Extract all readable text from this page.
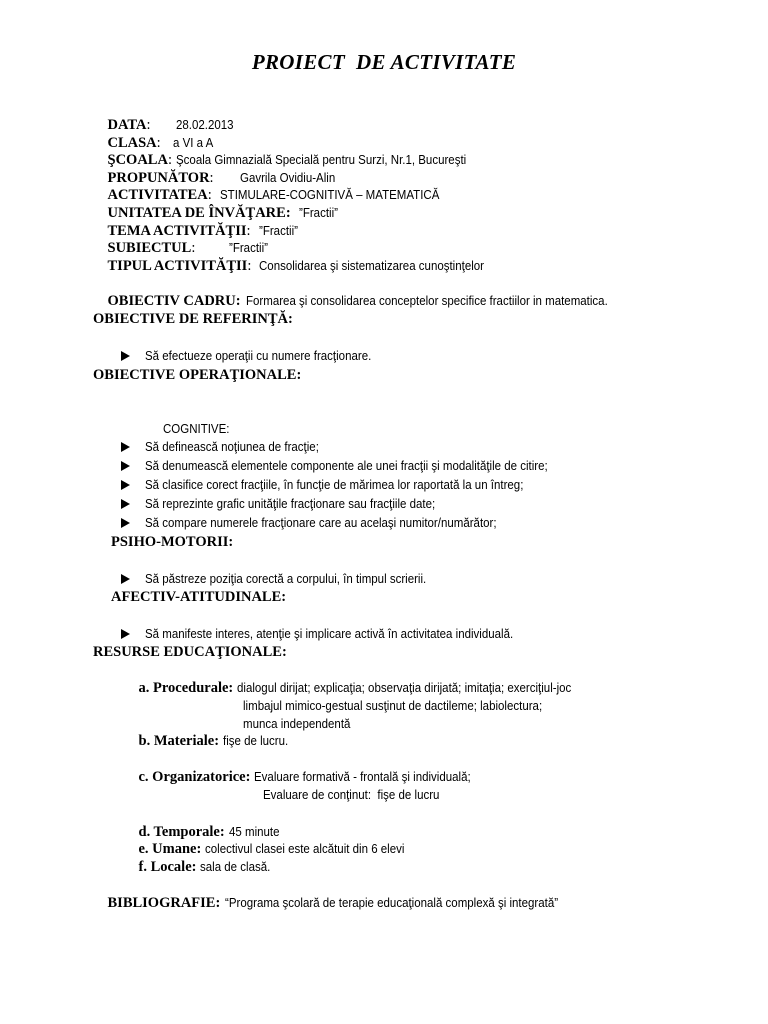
PROIECT  DE ACTIVITATE

DATA: 28.02.2013

CLASA: a VI a A

ŞCOALA: Şcoala Gimnazială Specială pentru Surzi, Nr.1, Bucureşti

PROPUNĂTOR: Gavrila Ovidiu-Alin

ACTIVITATEA: STIMULARE-COGNITIVĂ – MATEMATICĂ

UNITATEA DE ÎNVĂŢARE: ”Fractii”

TEMA ACTIVITĂŢII: ”Fractii”

SUBIECTUL:	”Fractii”

TIPUL ACTIVITĂŢII: Consolidarea şi sistematizarea cunoştinţelor

OBIECTIV CADRU: Formarea şi consolidarea conceptelor specifice fractiilor in matematica.

OBIECTIVE DE REFERINŢĂ:

Să efectueze operaţii cu numere fracţionare.

OBIECTIVE OPERAŢIONALE:

COGNITIVE:

Să definească noţiunea de fracţie;

Să denumească elementele componente ale unei fracţii şi modalităţile de citire;

Să clasifice corect fracţiile, în funcţie de mărimea lor raportată la un întreg;

Să reprezinte grafic unităţile fracţionare sau fracţiile date;

Să compare numerele fracţionare care au acelaşi numitor/numărător;

PSIHO-MOTORII:

Să păstreze poziţia corectă a corpului, în timpul scrierii.

AFECTIV-ATITUDINALE:

Să manifeste interes, atenţie şi implicare activă în activitatea individuală.

RESURSE EDUCAŢIONALE:

a. Procedurale: dialogul dirijat; explicaţia; observaţia dirijată; imitaţia; exerciţiul-joc

limbajul mimico-gestual susţinut de dactileme; labiolectura;

munca independentă

b. Materiale: fişe de lucru.

c. Organizatorice: Evaluare formativă - frontală şi individuală;

Evaluare de conţinut:  fişe de lucru

d. Temporale: 45 minute

e. Umane: colectivul clasei este alcătuit din 6 elevi

f. Locale: sala de clasă.

BIBLIOGRAFIE: “Programa şcolară de terapie educaţională complexă şi integrată”
